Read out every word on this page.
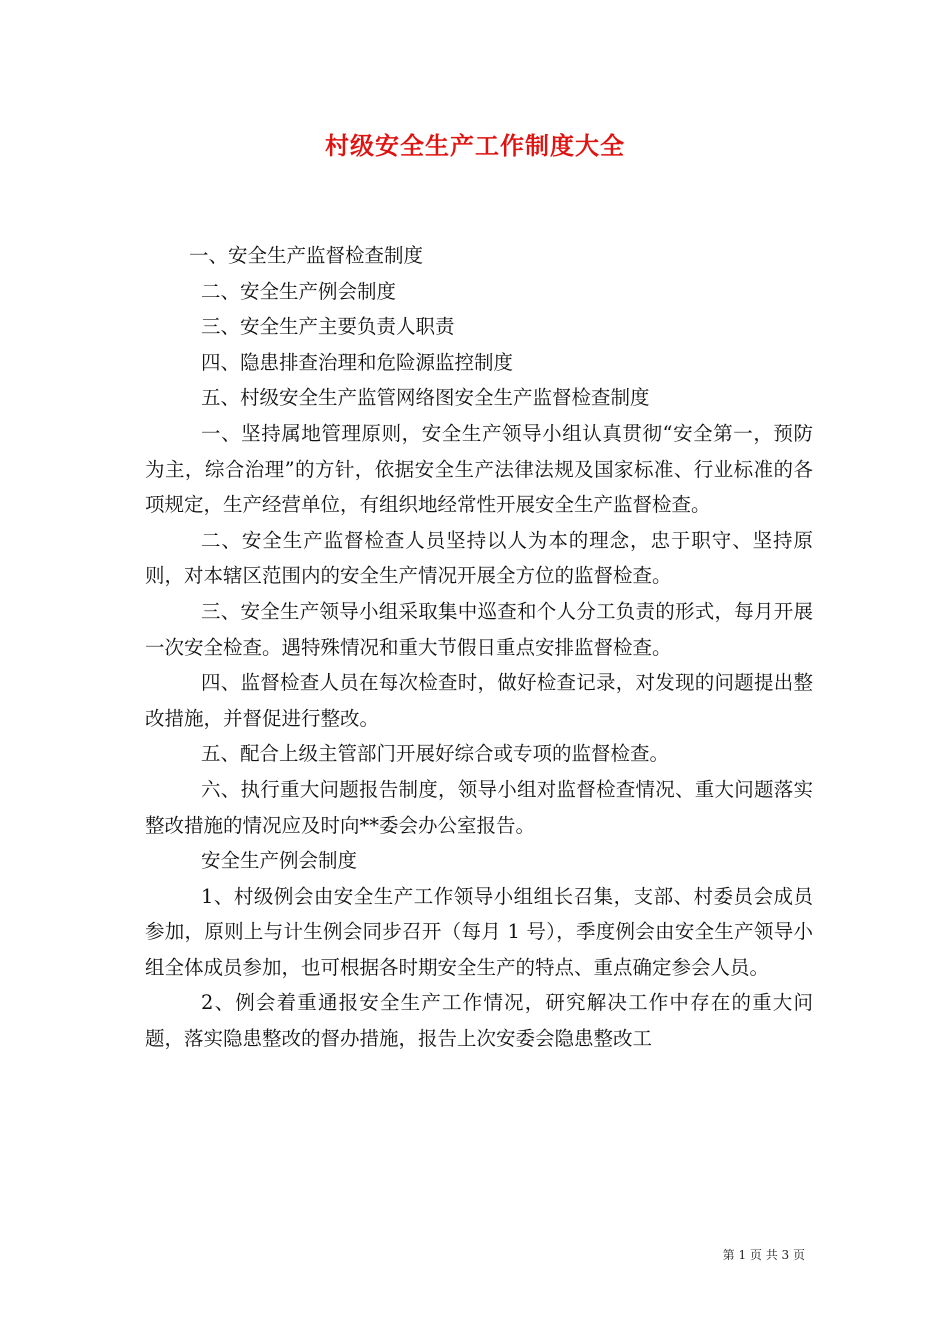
村级安全生产工作制度大全

一、安全生产监督检查制度

二、安全生产例会制度

三、安全生产主要负责人职责

四、隐患排查治理和危险源监控制度

五、村级安全生产监管网络图安全生产监督检查制度

一、坚持属地管理原则，安全生产领导小组认真贯彻“安全第一，预防为主，综合治理”的方针，依据安全生产法律法规及国家标准、行业标准的各项规定，生产经营单位，有组织地经常性开展安全生产监督检查。

二、安全生产监督检查人员坚持以人为本的理念，忠于职守、坚持原则，对本辖区范围内的安全生产情况开展全方位的监督检查。

三、安全生产领导小组采取集中巡查和个人分工负责的形式，每月开展一次安全检查。遇特殊情况和重大节假日重点安排监督检查。

四、监督检查人员在每次检查时，做好检查记录，对发现的问题提出整改措施，并督促进行整改。

五、配合上级主管部门开展好综合或专项的监督检查。

六、执行重大问题报告制度，领导小组对监督检查情况、重大问题落实整改措施的情况应及时向**委会办公室报告。

安全生产例会制度

1、村级例会由安全生产工作领导小组组长召集，支部、村委员会成员参加，原则上与计生例会同步召开（每月 1 号），季度例会由安全生产领导小组全体成员参加，也可根据各时期安全生产的特点、重点确定参会人员。

2、例会着重通报安全生产工作情况，研究解决工作中存在的重大问题，落实隐患整改的督办措施，报告上次安委会隐患整改工

第 1 页 共 3 页
